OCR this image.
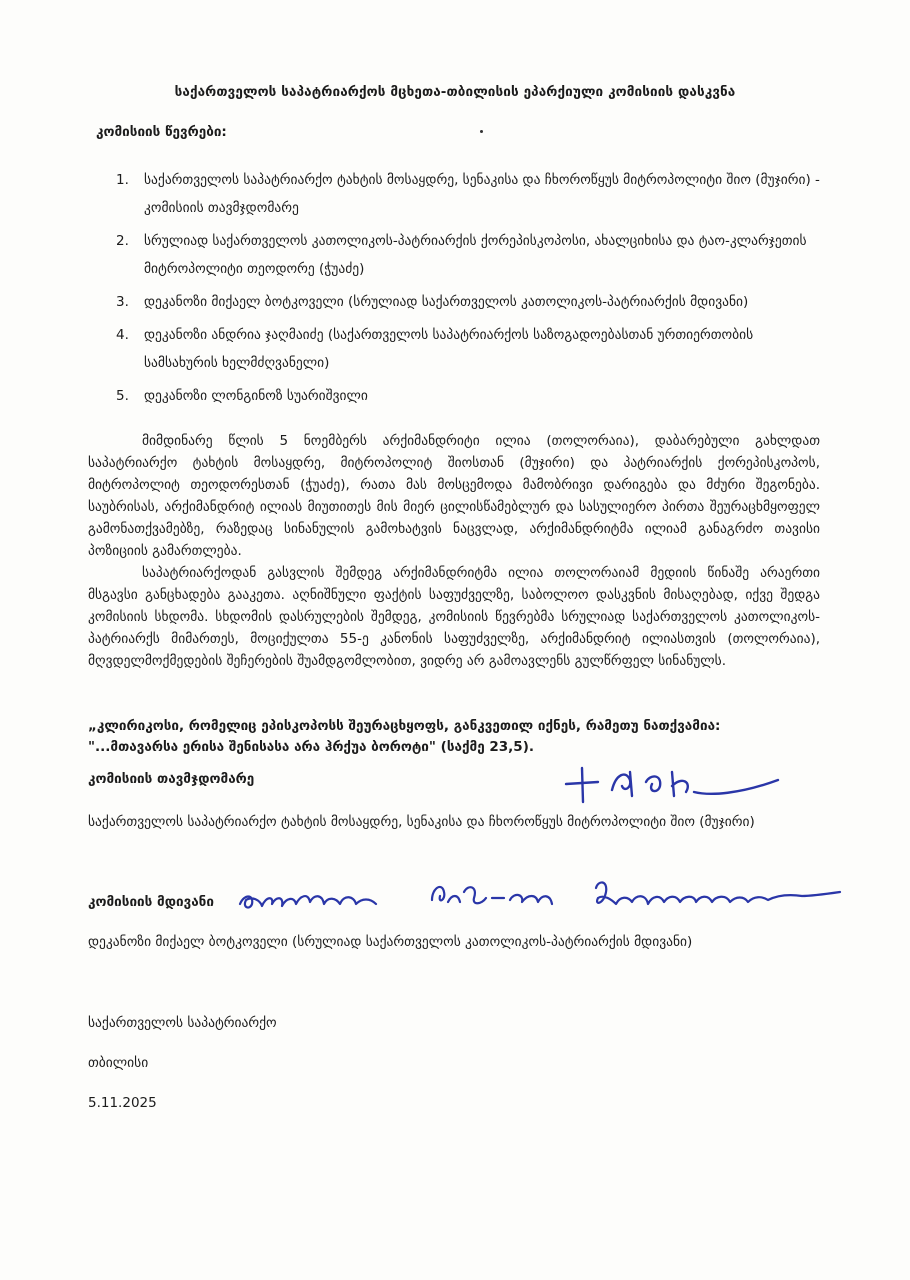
საქართველოს საპატრიარქოს მცხეთა-თბილისის ეპარქიული კომისიის დასკვნა
კომისიის წევრები:
1. საქართველოს საპატრიარქო ტახტის მოსაყდრე, სენაკისა და ჩხოროწყუს მიტროპოლიტი შიო (მუჯირი) - კომისიის თავმჯდომარე
2. სრულიად საქართველოს კათოლიკოს-პატრიარქის ქორეპისკოპოსი, ახალციხისა და ტაო-კლარჯეთის მიტროპოლიტი თეოდორე (ჭუაძე)
3. დეკანოზი მიქაელ ბოტკოველი (სრულიად საქართველოს კათოლიკოს-პატრიარქის მდივანი)
4. დეკანოზი ანდრია ჯაღმაიძე (საქართველოს საპატრიარქოს საზოგადოებასთან ურთიერთობის სამსახურის ხელმძღვანელი)
5. დეკანოზი ლონგინოზ სუარიშვილი

მიმდინარე წლის 5 ნოემბერს არქიმანდრიტი ილია (თოლორაია), დაბარებული გახლდათ საპატრიარქო ტახტის მოსაყდრე, მიტროპოლიტ შიოსთან (მუჯირი) და პატრიარქის ქორეპისკოპოს, მიტროპოლიტ თეოდორესთან (ჭუაძე), რათა მას მოსცემოდა მამობრივი დარიგება და მძური შეგონება. საუბრისას, არქიმანდრიტ ილიას მიუთითეს მის მიერ ცილისწამებლურ და სასულიერო პირთა შეურაცხმყოფელ გამონათქვამებზე, რაზედაც სინანულის გამოხატვის ნაცვლად, არქიმანდრიტმა ილიამ განაგრძო თავისი პოზიციის გამართლება.

საპატრიარქოდან გასვლის შემდეგ არქიმანდრიტმა ილია თოლორაიამ მედიის წინაშე არაერთი მსგავსი განცხადება გააკეთა. აღნიშნული ფაქტის საფუძველზე, საბოლოო დასკვნის მისაღებად, იქვე შედგა კომისიის სხდომა. სხდომის დასრულების შემდეგ, კომისიის წევრებმა სრულიად საქართველოს კათოლიკოს-პატრიარქს მიმართეს, მოციქულთა 55-ე კანონის საფუძველზე, არქიმანდრიტ ილიასთვის (თოლორაია), მღვდელმოქმედების შეჩერების შუამდგომლობით, ვიდრე არ გამოავლენს გულწრფელ სინანულს.

„კლირიკოსი, რომელიც ეპისკოპოსს შეურაცხყოფს, განკვეთილ იქნეს, რამეთუ ნათქვამია:
"...მთავარსა ერისა შენისასა არა ჰრქუა ბოროტი" (საქმე 23,5).
კომისიის თავმჯდომარე
საქართველოს საპატრიარქო ტახტის მოსაყდრე, სენაკისა და ჩხოროწყუს მიტროპოლიტი შიო (მუჯირი)
კომისიის მდივანი
დეკანოზი მიქაელ ბოტკოველი (სრულიად საქართველოს კათოლიკოს-პატრიარქის მდივანი)
საქართველოს საპატრიარქო
თბილისი
5.11.2025
